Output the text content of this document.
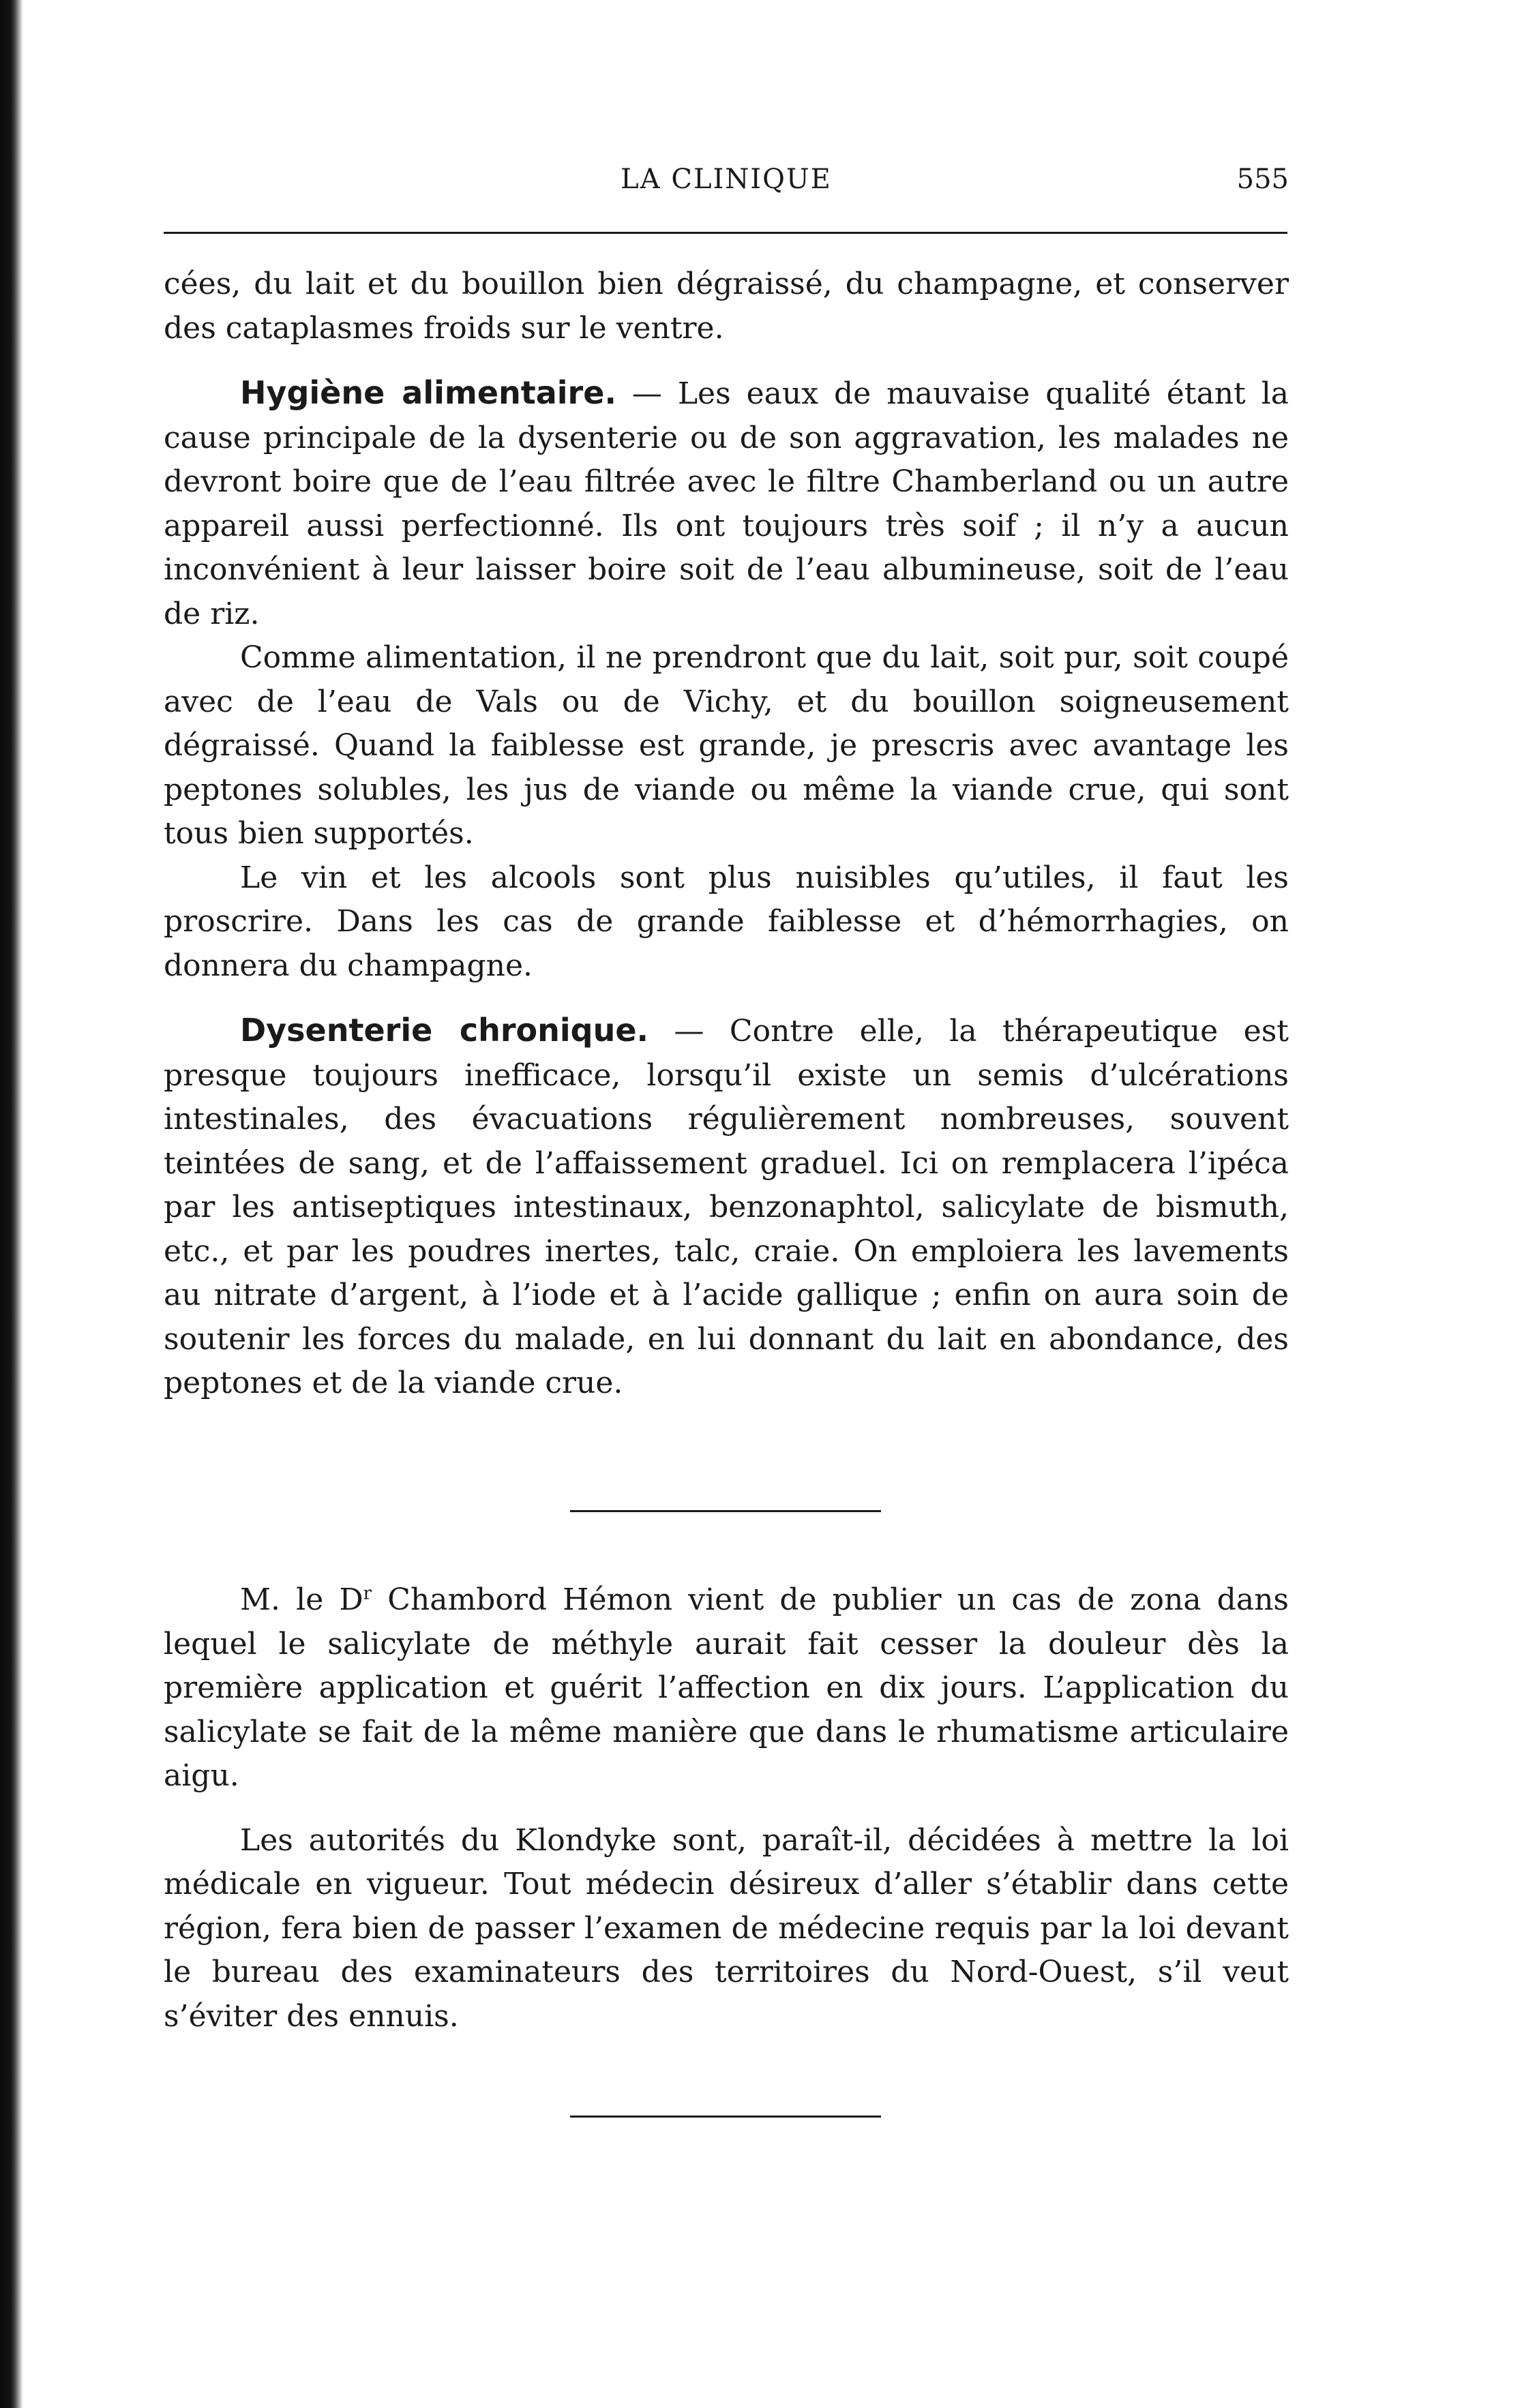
LA CLINIQUE	555

cées, du lait et du bouillon bien dégraissé, du champagne, et conserver des cataplasmes froids sur le ventre.

Hygiène alimentaire. — Les eaux de mauvaise qualité étant la cause principale de la dysenterie ou de son aggravation, les malades ne devront boire que de l’eau filtrée avec le filtre Chamberland ou un autre appareil aussi perfectionné. Ils ont toujours très soif ; il n’y a aucun inconvénient à leur laisser boire soit de l’eau albumineuse, soit de l’eau de riz.

Comme alimentation, il ne prendront que du lait, soit pur, soit coupé avec de l’eau de Vals ou de Vichy, et du bouillon soigneusement dégraissé. Quand la faiblesse est grande, je prescris avec avantage les peptones solubles, les jus de viande ou même la viande crue, qui sont tous bien supportés.

Le vin et les alcools sont plus nuisibles qu’utiles, il faut les proscrire. Dans les cas de grande faiblesse et d’hémorrhagies, on donnera du champagne.

Dysenterie chronique. — Contre elle, la thérapeutique est presque toujours inefficace, lorsqu’il existe un semis d’ulcérations intestinales, des évacuations régulièrement nombreuses, souvent teintées de sang, et de l’affaissement graduel. Ici on remplacera l’ipéca par les antiseptiques intestinaux, benzonaphtol, salicylate de bismuth, etc., et par les poudres inertes, talc, craie. On emploiera les lavements au nitrate d’argent, à l’iode et à l’acide gallique ; enfin on aura soin de soutenir les forces du malade, en lui donnant du lait en abondance, des peptones et de la viande crue.

M. le $D^r$ Chambord Hémon vient de publier un cas de zona dans lequel le salicylate de méthyle aurait fait cesser la douleur dès la première application et guérit l’affection en dix jours. L’application du salicylate se fait de la même manière que dans le rhumatisme articulaire aigu.

Les autorités du Klondyke sont, paraît-il, décidées à mettre la loi médicale en vigueur. Tout médecin désireux d’aller s’établir dans cette région, fera bien de passer l’examen de médecine requis par la loi devant le bureau des examinateurs des territoires du Nord-Ouest, s’il veut s’éviter des ennuis.
